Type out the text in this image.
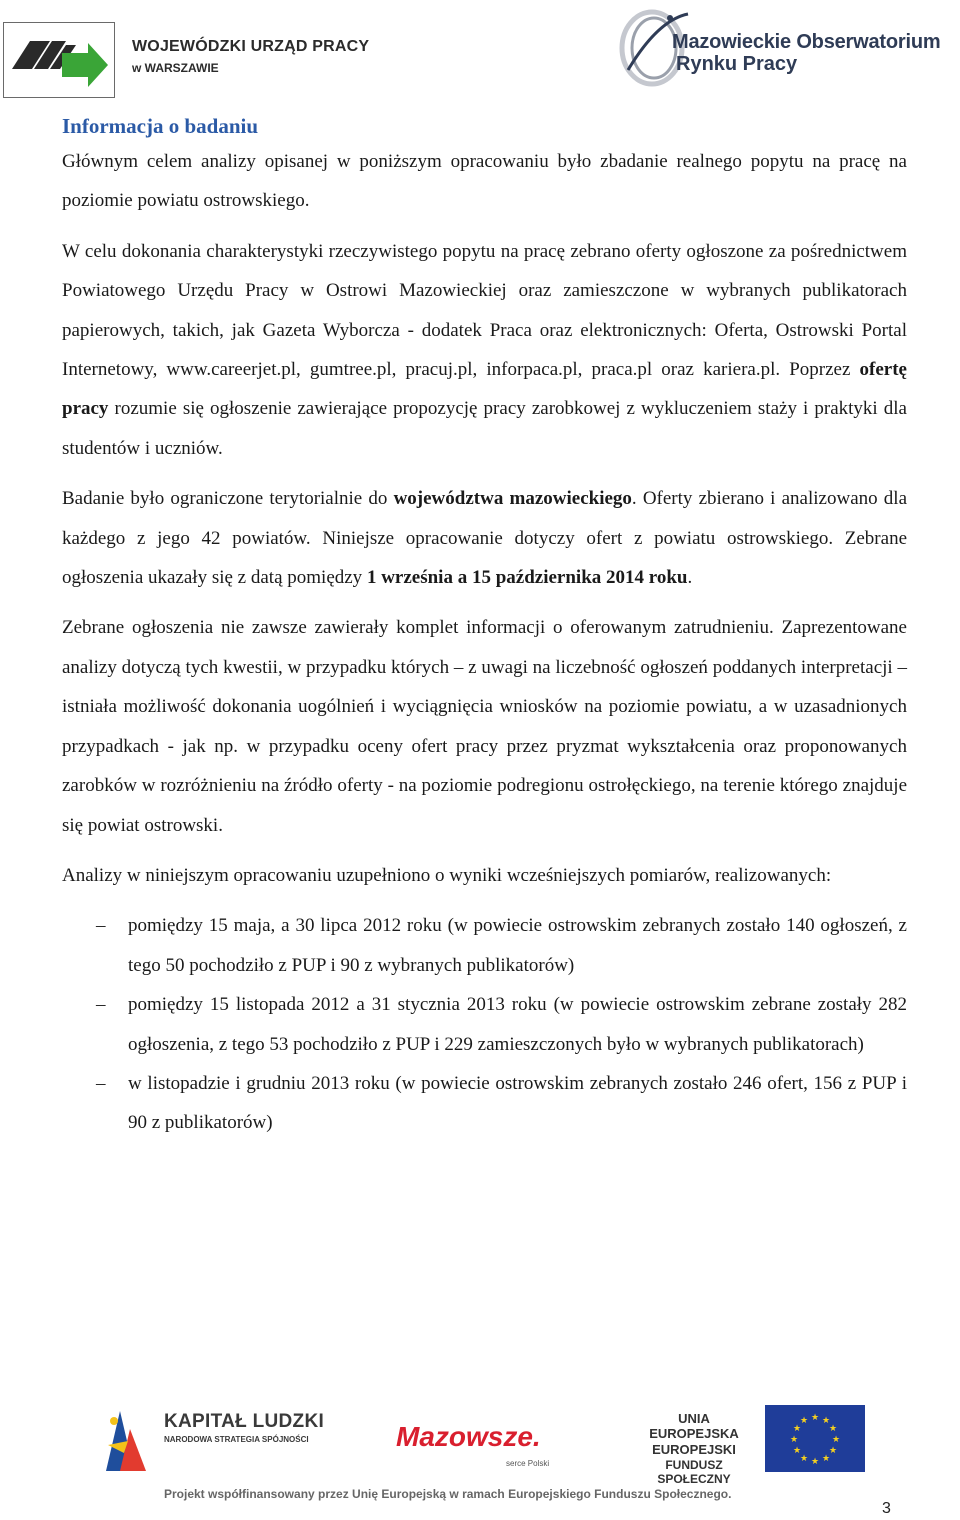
WOJEWÓDZKI URZĄD PRACY
w WARSZAWIE
Mazowieckie Obserwatorium
Rynku Pracy
Informacja o badaniu

Głównym celem analizy opisanej w poniższym opracowaniu było zbadanie realnego popytu na pracę na poziomie powiatu ostrowskiego.

W celu dokonania charakterystyki rzeczywistego popytu na pracę zebrano oferty ogłoszone za pośrednictwem Powiatowego Urzędu Pracy w Ostrowi Mazowieckiej oraz zamieszczone w wybranych publikatorach papierowych, takich, jak Gazeta Wyborcza - dodatek Praca oraz elektronicznych: Oferta, Ostrowski Portal Internetowy, www.careerjet.pl, gumtree.pl, pracuj.pl, inforpaca.pl, praca.pl oraz kariera.pl. Poprzez ofertę pracy rozumie się ogłoszenie zawierające propozycję pracy zarobkowej z wykluczeniem staży i praktyki dla studentów i uczniów.

Badanie było ograniczone terytorialnie do województwa mazowieckiego. Oferty zbierano i analizowano dla każdego z jego 42 powiatów. Niniejsze opracowanie dotyczy ofert z powiatu ostrowskiego. Zebrane ogłoszenia ukazały się z datą pomiędzy 1 września a 15 października 2014 roku.

Zebrane ogłoszenia nie zawsze zawierały komplet informacji o oferowanym zatrudnieniu. Zaprezentowane analizy dotyczą tych kwestii, w przypadku których – z uwagi na liczebność ogłoszeń poddanych interpretacji – istniała możliwość dokonania uogólnień i wyciągnięcia wniosków na poziomie powiatu, a w uzasadnionych przypadkach - jak np. w przypadku oceny ofert pracy przez pryzmat wykształcenia oraz proponowanych zarobków w rozróżnieniu na źródło oferty - na poziomie podregionu ostrołęckiego, na terenie którego znajduje się powiat ostrowski.

Analizy w niniejszym opracowaniu uzupełniono o wyniki wcześniejszych pomiarów, realizowanych:

– pomiędzy 15 maja, a 30 lipca 2012 roku (w powiecie ostrowskim zebranych zostało 140 ogłoszeń, z tego 50 pochodziło z PUP i 90 z wybranych publikatorów)
– pomiędzy 15 listopada 2012 a 31 stycznia 2013 roku (w powiecie ostrowskim zebrane zostały 282 ogłoszenia, z tego 53 pochodziło z PUP i 229 zamieszczonych było w wybranych publikatorach)
– w listopadzie i grudniu 2013 roku (w powiecie ostrowskim zebranych zostało 246 ofert, 156 z PUP i 90 z publikatorów)
KAPITAŁ LUDZKI
NARODOWA STRATEGIA SPÓJNOŚCI	Mazowsze.
serce Polski
UNIA EUROPEJSKA
EUROPEJSKI
FUNDUSZ SPOŁECZNY
★ ★
★
★
★
★
★
★
★
★
★
★
Projekt współfinansowany przez Unię Europejską w ramach Europejskiego Funduszu Społecznego.
3
